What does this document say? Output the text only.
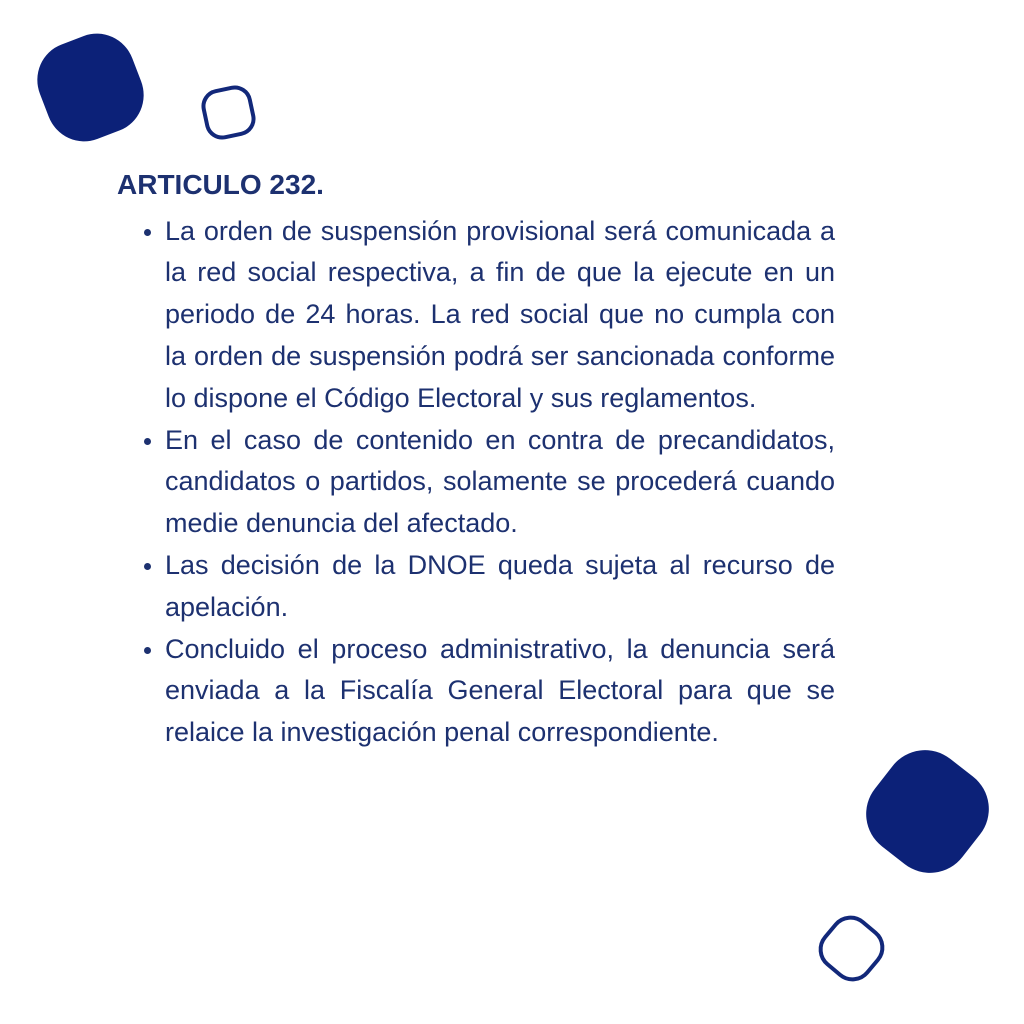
ARTICULO 232.
• La orden de suspensión provisional será comunicada a la red social respectiva, a fin de que la ejecute en un periodo de 24 horas. La red social que no cumpla con la orden de suspensión podrá ser sancionada conforme lo dispone el Código Electoral y sus reglamentos.
• En el caso de contenido en contra de precandidatos, candidatos o partidos, solamente se procederá cuando medie denuncia del afectado.
• Las decisión de la DNOE queda sujeta al recurso de apelación.
• Concluido el proceso administrativo, la denuncia será enviada a la Fiscalía General Electoral para que se relaice la investigación penal correspondiente.
